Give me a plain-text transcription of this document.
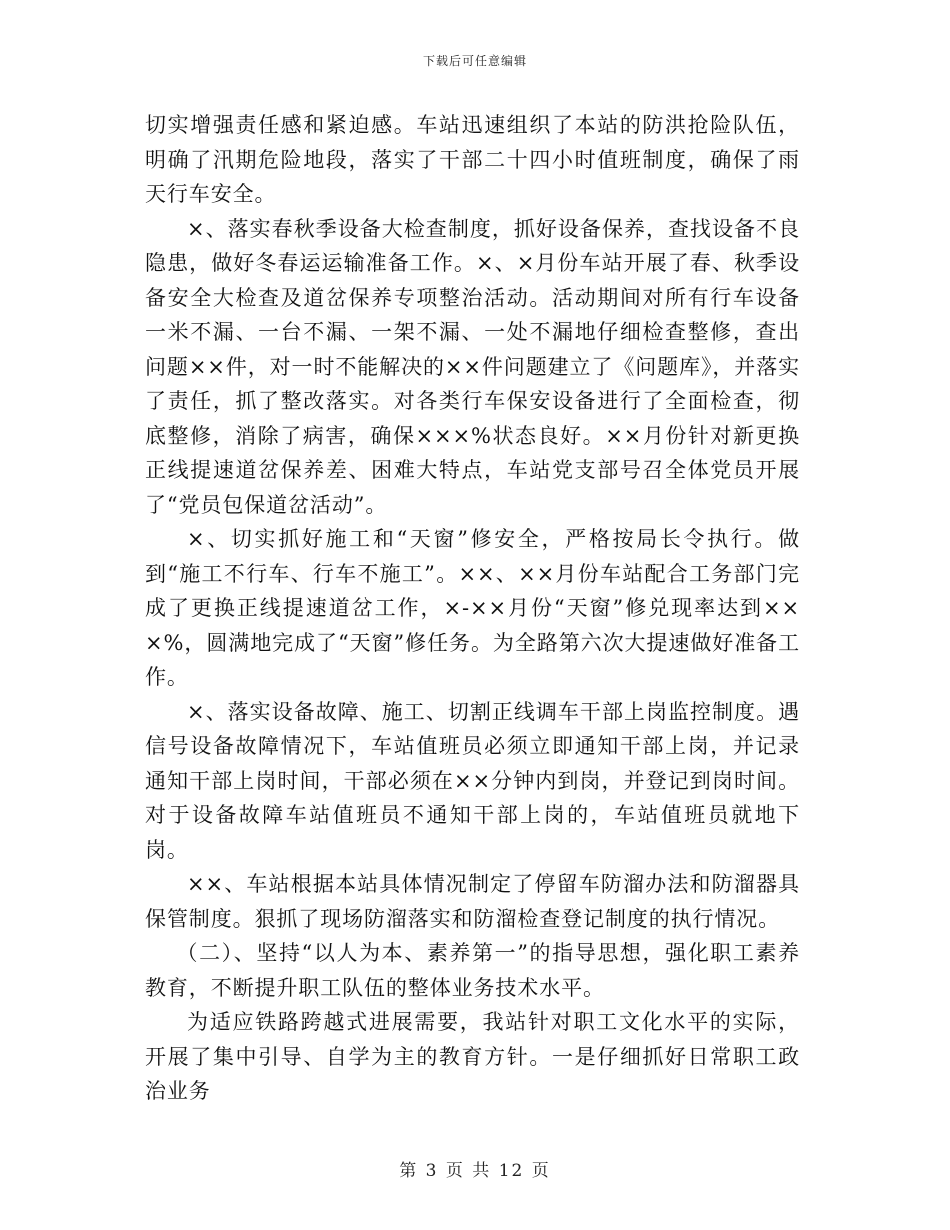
下载后可任意编辑

切实增强责任感和紧迫感。车站迅速组织了本站的防洪抢险队伍，明确了汛期危险地段，落实了干部二十四小时值班制度，确保了雨天行车安全。

×、落实春秋季设备大检查制度，抓好设备保养，查找设备不良隐患，做好冬春运运输准备工作。×、×月份车站开展了春、秋季设备安全大检查及道岔保养专项整治活动。活动期间对所有行车设备一米不漏、一台不漏、一架不漏、一处不漏地仔细检查整修，查出问题××件，对一时不能解决的××件问题建立了《问题库》，并落实了责任，抓了整改落实。对各类行车保安设备进行了全面检查，彻底整修，消除了病害，确保×××%状态良好。××月份针对新更换正线提速道岔保养差、困难大特点，车站党支部号召全体党员开展了“党员包保道岔活动”。

×、切实抓好施工和“天窗”修安全，严格按局长令执行。做到“施工不行车、行车不施工”。××、××月份车站配合工务部门完成了更换正线提速道岔工作，×-××月份“天窗”修兑现率达到×××%，圆满地完成了“天窗”修任务。为全路第六次大提速做好准备工作。

×、落实设备故障、施工、切割正线调车干部上岗监控制度。遇信号设备故障情况下，车站值班员必须立即通知干部上岗，并记录通知干部上岗时间，干部必须在××分钟内到岗，并登记到岗时间。对于设备故障车站值班员不通知干部上岗的，车站值班员就地下岗。

××、车站根据本站具体情况制定了停留车防溜办法和防溜器具保管制度。狠抓了现场防溜落实和防溜检查登记制度的执行情况。

（二）、坚持“以人为本、素养第一”的指导思想，强化职工素养教育，不断提升职工队伍的整体业务技术水平。

为适应铁路跨越式进展需要，我站针对职工文化水平的实际，开展了集中引导、自学为主的教育方针。一是仔细抓好日常职工政治业务

第 3 页 共 12 页
